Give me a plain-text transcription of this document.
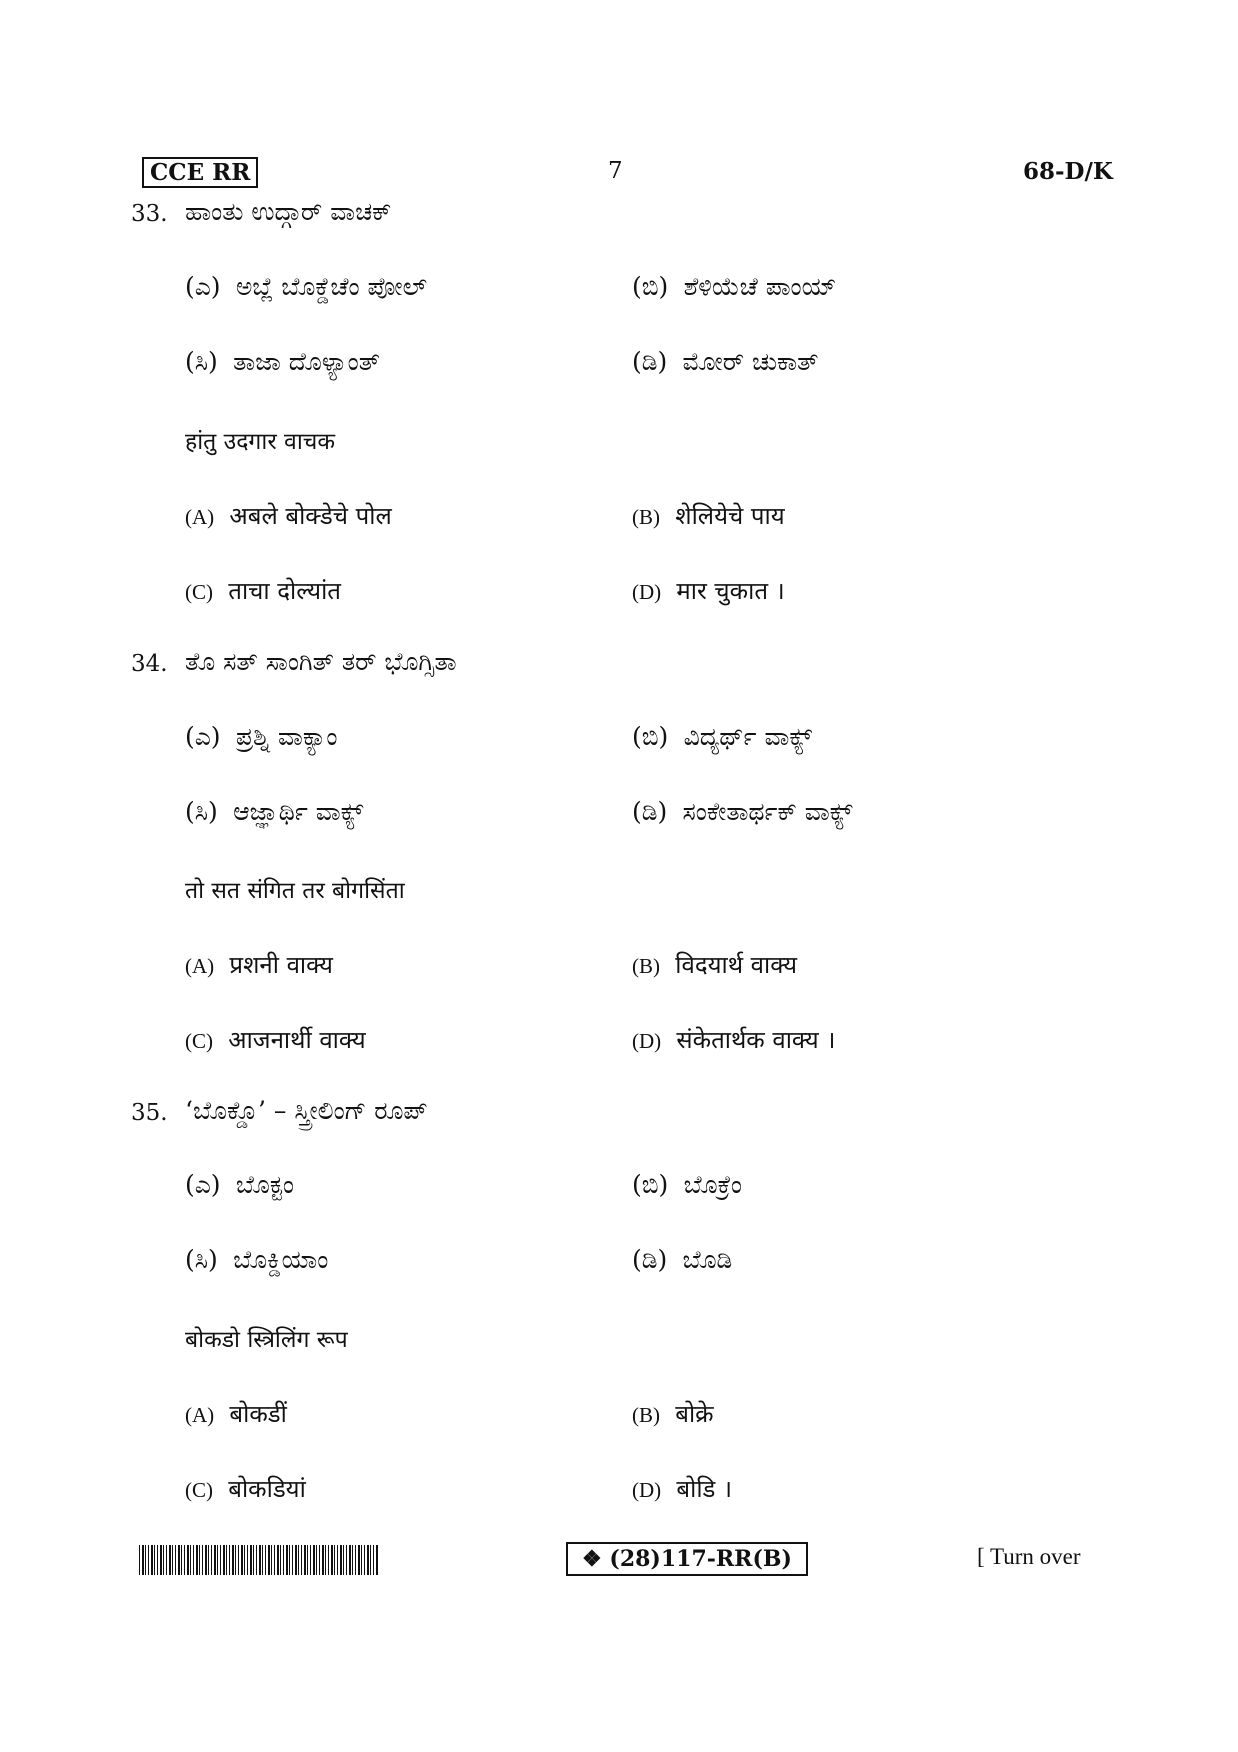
CCE RR	7	68-D/K
33. ಹಾಂತು ಉದ್ಗಾರ್ ವಾಚಕ್
(ಎ) ಅಬ್ಲೆ ಬೊಕ್ಡೆಚೆಂ ಪೋಲ್	(ಬಿ) ಶೆಳಿಯೆಚೆ ಪಾಂಯ್
(ಸಿ) ತಾಜಾ ದೊಳ್ಯಾಂತ್	(ಡಿ) ಮೋರ್ ಚುಕಾತ್
हांतु उदगार वाचक
(A) अबले बोक्डेचे पोल	(B) शेलियेचे पाय
(C) ताचा दोल्यांत	(D) मार चुकात ।
34. ತೊ ಸತ್ ಸಾಂಗಿತ್ ತರ್ ಭೊಗ್ಸಿತಾ
(ಎ) ಪ್ರಶ್ನಿ ವಾಕ್ಯಾಂ	(ಬಿ) ವಿದ್ಯರ್ಥ್ ವಾಕ್ಯ್
(ಸಿ) ಆಜ್ಞಾರ್ಥಿ ವಾಕ್ಯ್	(ಡಿ) ಸಂಕೇತಾರ್ಥಕ್ ವಾಕ್ಯ್
तो सत संगित तर बोगसिंता
(A) प्रशनी वाक्य	(B) विदयार्थ वाक्य
(C) आजनार्थी वाक्य	(D) संकेतार्थक वाक्य ।
35. ‘ಬೊಕ್ಡೊ’ – ಸ್ತ್ರೀಲಿಂಗ್ ರೂಪ್
(ಎ) ಬೊಕ್ಟಂ	(ಬಿ) ಬೊಕ್ರೆಂ
(ಸಿ) ಬೊಕ್ಡಿಯಾಂ	(ಡಿ) ಬೊಡಿ
बोकडो स्त्रिलिंग रूप
(A) बोकडीं	(B) बोक्रे
(C) बोकडियां	(D) बोडि ।
❖ (28)117-RR(B)	[ Turn over
